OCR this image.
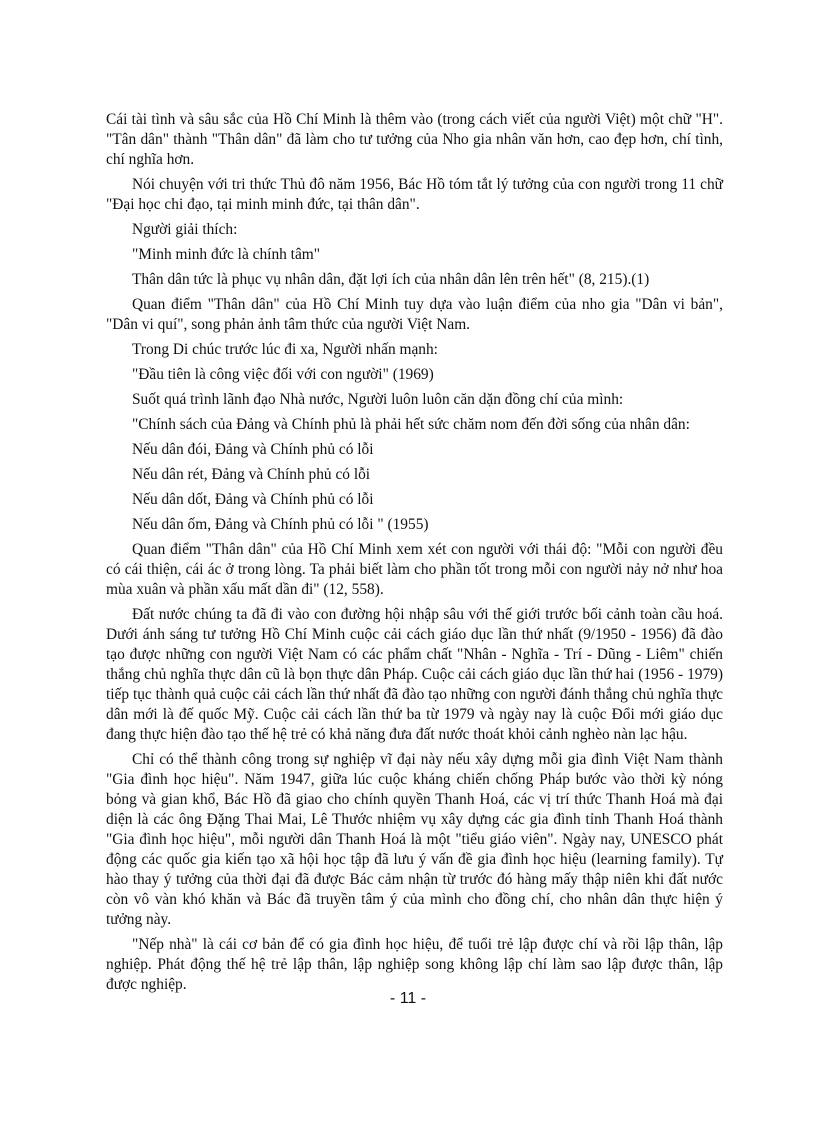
Cái tài tình và sâu sắc của Hồ Chí Minh là thêm vào (trong cách viết của người Việt) một chữ "H". "Tân dân" thành "Thân dân" đã làm cho tư tưởng của Nho gia nhân văn hơn, cao đẹp hơn, chí tình, chí nghĩa hơn.

Nói chuyện với tri thức Thủ đô năm 1956, Bác Hồ tóm tắt lý tưởng của con người trong 11 chữ "Đại học chi đạo, tại minh minh đức, tại thân dân".

Người giải thích:

"Minh minh đức là chính tâm"

Thân dân tức là phục vụ nhân dân, đặt lợi ích của nhân dân lên trên hết" (8, 215).(1)

Quan điểm "Thân dân" của Hồ Chí Minh tuy dựa vào luận điểm của nho gia "Dân vi bản", "Dân vi quí", song phản ảnh tâm thức của người Việt Nam.

Trong Di chúc trước lúc đi xa, Người nhấn mạnh:

"Đầu tiên là công việc đối với con người" (1969)

Suốt quá trình lãnh đạo Nhà nước, Người luôn luôn căn dặn đồng chí của mình:

"Chính sách của Đảng và Chính phủ là phải hết sức chăm nom đến đời sống của nhân dân:

Nếu dân đói, Đảng và Chính phủ có lỗi

Nếu dân rét, Đảng và Chính phủ có lỗi

Nếu dân dốt, Đảng và Chính phủ có lỗi

Nếu dân ốm, Đảng và Chính phủ có lỗi " (1955)

Quan điểm "Thân dân" của Hồ Chí Minh xem xét con người với thái độ: "Mỗi con người đều có cái thiện, cái ác ở trong lòng. Ta phải biết làm cho phần tốt trong mỗi con người nảy nở như hoa mùa xuân và phần xấu mất dần đi" (12, 558).

Đất nước chúng ta đã đi vào con đường hội nhập sâu với thế giới trước bối cảnh toàn cầu hoá. Dưới ánh sáng tư tưởng Hồ Chí Minh cuộc cải cách giáo dục lần thứ nhất (9/1950 - 1956) đã đào tạo được những con người Việt Nam có các phẩm chất "Nhân - Nghĩa - Trí - Dũng - Liêm" chiến thắng chủ nghĩa thực dân cũ là bọn thực dân Pháp. Cuộc cải cách giáo dục lần thứ hai (1956 - 1979) tiếp tục thành quả cuộc cải cách lần thứ nhất đã đào tạo những con người đánh thắng chủ nghĩa thực dân mới là đế quốc Mỹ. Cuộc cải cách lần thứ ba từ 1979 và ngày nay là cuộc Đổi mới giáo dục đang thực hiện đào tạo thế hệ trẻ có khả năng đưa đất nước thoát khỏi cảnh nghèo nàn lạc hậu.

Chỉ có thể thành công trong sự nghiệp vĩ đại này nếu xây dựng mỗi gia đình Việt Nam thành "Gia đình học hiệu". Năm 1947, giữa lúc cuộc kháng chiến chống Pháp bước vào thời kỳ nóng bỏng và gian khổ, Bác Hồ đã giao cho chính quyền Thanh Hoá, các vị trí thức Thanh Hoá mà đại diện là các ông Đặng Thai Mai, Lê Thước nhiệm vụ xây dựng các gia đình tỉnh Thanh Hoá thành "Gia đình học hiệu", mỗi người dân Thanh Hoá là một "tiểu giáo viên". Ngày nay, UNESCO phát động các quốc gia kiến tạo xã hội học tập đã lưu ý vấn đề gia đình học hiệu (learning family). Tự hào thay ý tưởng của thời đại đã được Bác cảm nhận từ trước đó hàng mấy thập niên khi đất nước còn vô vàn khó khăn và Bác đã truyền tâm ý của mình cho đồng chí, cho nhân dân thực hiện ý tưởng này.

"Nếp nhà" là cái cơ bản để có gia đình học hiệu, để tuổi trẻ lập được chí và rồi lập thân, lập nghiệp. Phát động thế hệ trẻ lập thân, lập nghiệp song không lập chí làm sao lập được thân, lập được nghiệp.

- 11 -
